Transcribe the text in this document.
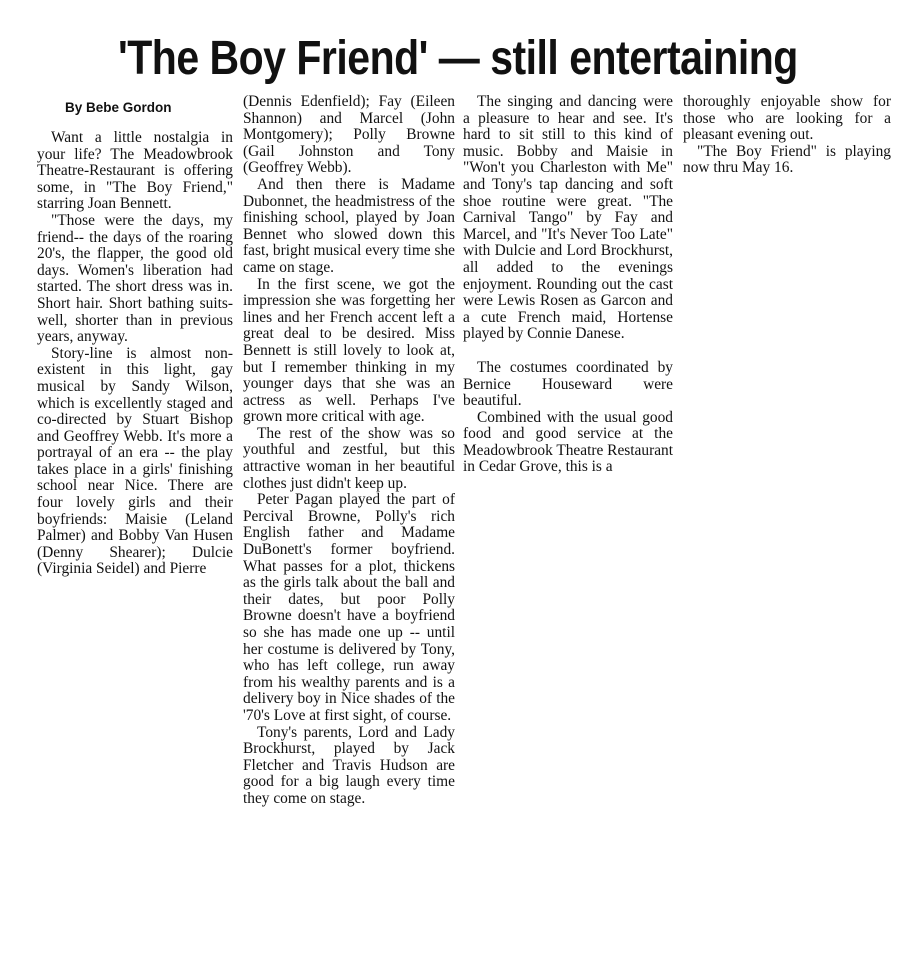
'The Boy Friend' — still entertaining
By Bebe Gordon

Want a little nostalgia in your life? The Meadowbrook Theatre-Restaurant is offering some, in "The Boy Friend," starring Joan Bennett.

"Those were the days, my friend-- the days of the roaring 20's, the flapper, the good old days. Women's liberation had started. The short dress was in. Short hair. Short bathing suits-well, shorter than in previous years, anyway.

Story-line is almost non-existent in this light, gay musical by Sandy Wilson, which is excellently staged and co-directed by Stuart Bishop and Geoffrey Webb. It's more a portrayal of an era -- the play takes place in a girls' finishing school near Nice. There are four lovely girls and their boyfriends: Maisie (Leland Palmer) and Bobby Van Husen (Denny Shearer); Dulcie (Virginia Seidel) and Pierre

(Dennis Edenfield); Fay (Eileen Shannon) and Marcel (John Montgomery); Polly Browne (Gail Johnston and Tony (Geoffrey Webb).

And then there is Madame Dubonnet, the headmistress of the finishing school, played by Joan Bennet who slowed down this fast, bright musical every time she came on stage.

In the first scene, we got the impression she was forgetting her lines and her French accent left a great deal to be desired. Miss Bennett is still lovely to look at, but I remember thinking in my younger days that she was an actress as well. Perhaps I've grown more critical with age.

The rest of the show was so youthful and zestful, but this attractive woman in her beautiful clothes just didn't keep up.

Peter Pagan played the part of Percival Browne, Polly's rich English father and Madame DuBonett's former boyfriend. What passes for a plot, thickens as the girls talk about the ball and their dates, but poor Polly Browne doesn't have a boyfriend so she has made one up -- until her costume is delivered by Tony, who has left college, run away from his wealthy parents and is a delivery boy in Nice shades of the '70's Love at first sight, of course.

Tony's parents, Lord and Lady Brockhurst, played by Jack Fletcher and Travis Hudson are good for a big laugh every time they come on stage.

The singing and dancing were a pleasure to hear and see. It's hard to sit still to this kind of music. Bobby and Maisie in "Won't you Charleston with Me" and Tony's tap dancing and soft shoe routine were great. "The Carnival Tango" by Fay and Marcel, and "It's Never Too Late" with Dulcie and Lord Brockhurst, all added to the evenings enjoyment. Rounding out the cast were Lewis Rosen as Garcon and a cute French maid, Hortense played by Connie Danese.

The costumes coordinated by Bernice Houseward were beautiful.

Combined with the usual good food and good service at the Meadowbrook Theatre Restaurant in Cedar Grove, this is a

thoroughly enjoyable show for those who are looking for a pleasant evening out.

"The Boy Friend" is playing now thru May 16.
